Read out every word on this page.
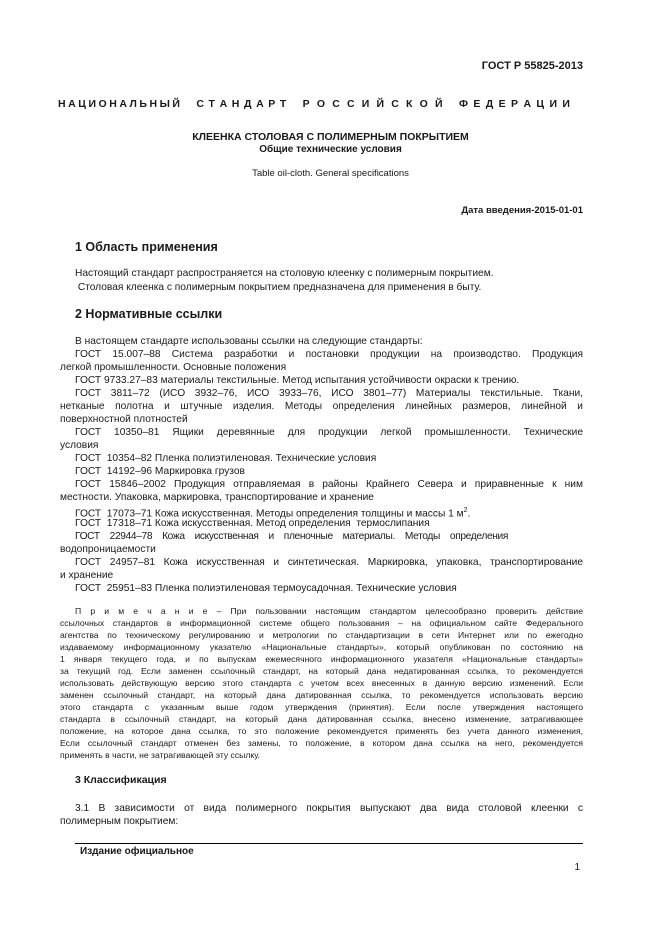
ГОСТ Р 55825-2013
Н А Ц И О Н А Л Ь Н Ы Й С Т А Н Д А Р Т Р О С С И Й С К О Й Ф Е Д Е Р А Ц И И
КЛЕЕНКА СТОЛОВАЯ С ПОЛИМЕРНЫМ ПОКРЫТИЕМ
Общие технические условия
Table oil-cloth. General specifications
Дата введения-2015-01-01
1 Область применения
Настоящий стандарт распространяется на столовую клеенку с полимерным покрытием.
Столовая клеенка с полимерным покрытием предназначена для применения в быту.
2 Нормативные ссылки
В настоящем стандарте использованы ссылки на следующие стандарты:
ГОСТ 15.007–88 Система разработки и постановки продукции на производство. Продукция
легкой промышленности. Основные положения
ГОСТ 9733.27–83 материалы текстильные. Метод испытания устойчивости окраски к трению.
ГОСТ 3811–72 (ИСО 3932–76, ИСО 3933–76, ИСО 3801–77) Материалы текстильные. Ткани,
нетканые полотна и штучные изделия. Методы определения линейных размеров, линейной и
поверхностной плотностей
ГОСТ 10350–81 Ящики деревянные для продукции легкой промышленности. Технические
условия
ГОСТ  10354–82 Пленка полиэтиленовая. Технические условия
ГОСТ  14192–96 Маркировка грузов
ГОСТ 15846–2002 Продукция отправляемая в районы Крайнего Севера и приравненные к ним
местности. Упаковка, маркировка, транспортирование и хранение
ГОСТ  17073–71 Кожа искусственная. Методы определения толщины и массы 1 $м^2$.
ГОСТ  17318–71 Кожа искусственная. Метод определения  термослипания
ГОСТ    22944–78    Кожа    искусственная    и    пленочные    материалы.    Методы    определения
водопроницаемости
ГОСТ 24957–81 Кожа искусственная и синтетическая. Маркировка, упаковка, транспортирование
и хранение
ГОСТ  25951–83 Пленка полиэтиленовая термоусадочная. Технические условия
П р и м е ч а н и е – При пользовании настоящим стандартом целесообразно проверить действие
ссылочных стандартов в информационной системе общего пользования – на официальном сайте Федерального
агентства по техническому регулированию и метрологии по стандартизации в сети Интернет или по ежегодно
издаваемому информационному указателю «Национальные стандарты», который опубликован по состоянию на
1 января текущего года, и по выпускам ежемесячного информационного указателя «Национальные стандарты»
за текущий год. Если заменен ссылочный стандарт, на который дана недатированная ссылка, то рекомендуется
использовать действующую версию этого стандарта с учетом всех внесенных в данную версию изменений. Если
заменен ссылочный стандарт, на который дана датированная ссылка, то рекомендуется использовать версию
этого стандарта с указанным выше годом утверждения (принятия). Если после утверждения настоящего
стандарта в ссылочный стандарт, на который дана датированная ссылка, внесено изменение, затрагивающее
положение, на которое дана ссылка, то это положение рекомендуется применять без учета данного изменения,
Если ссылочный стандарт отменен без замены, то положение, в котором дана ссылка на него, рекомендуется
применять в части, не затрагивающей эту ссылку.
3 Классификация
3.1 В зависимости от вида полимерного покрытия выпускают два вида столовой клеенки с
полимерным покрытием:
Издание официальное
1
